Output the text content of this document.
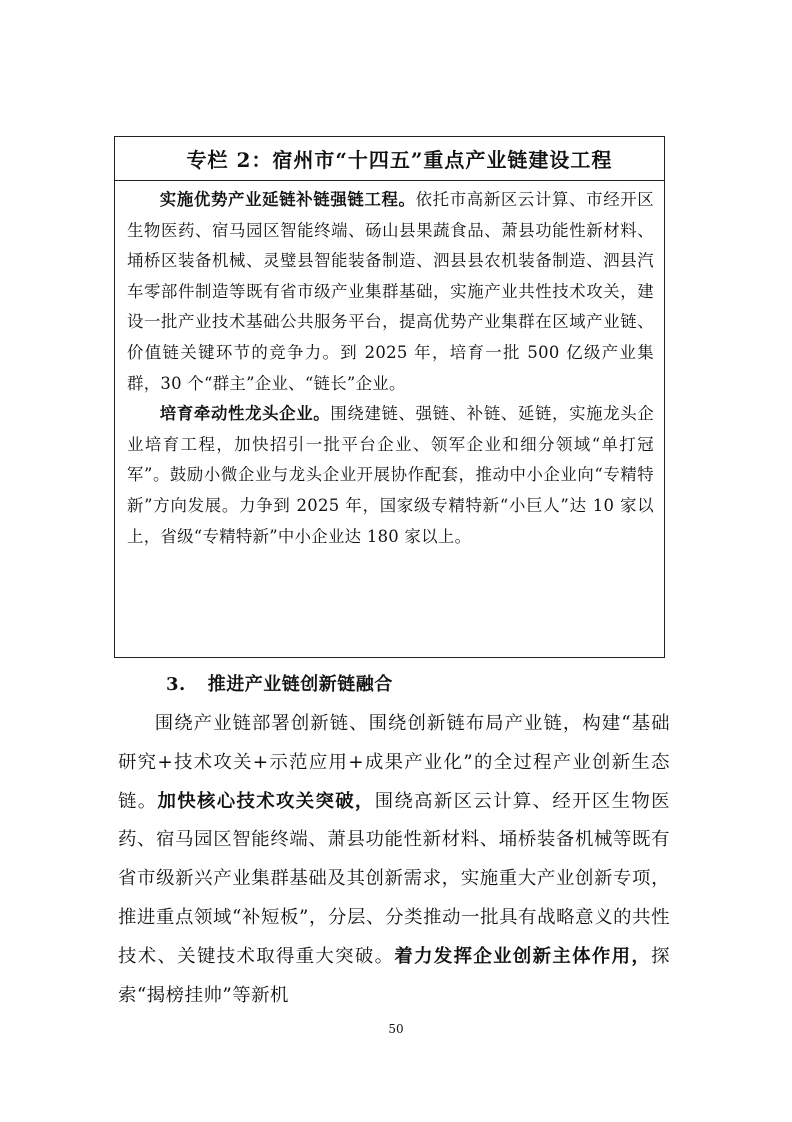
专栏 2：宿州市“十四五”重点产业链建设工程

实施优势产业延链补链强链工程。依托市高新区云计算、市经开区生物医药、宿马园区智能终端、砀山县果蔬食品、萧县功能性新材料、埇桥区装备机械、灵璧县智能装备制造、泗县县农机装备制造、泗县汽车零部件制造等既有省市级产业集群基础，实施产业共性技术攻关，建设一批产业技术基础公共服务平台，提高优势产业集群在区域产业链、价值链关键环节的竞争力。到 2025 年，培育一批 500 亿级产业集群，30 个“群主”企业、“链长”企业。

培育牵动性龙头企业。围绕建链、强链、补链、延链，实施龙头企业培育工程，加快招引一批平台企业、领军企业和细分领域“单打冠军”。鼓励小微企业与龙头企业开展协作配套，推动中小企业向“专精特新”方向发展。力争到 2025 年，国家级专精特新“小巨人”达 10 家以上，省级“专精特新”中小企业达 180 家以上。

3. 推进产业链创新链融合

围绕产业链部署创新链、围绕创新链布局产业链，构建“基础研究+技术攻关+示范应用+成果产业化”的全过程产业创新生态链。加快核心技术攻关突破，围绕高新区云计算、经开区生物医药、宿马园区智能终端、萧县功能性新材料、埇桥装备机械等既有省市级新兴产业集群基础及其创新需求，实施重大产业创新专项，推进重点领域“补短板”，分层、分类推动一批具有战略意义的共性技术、关键技术取得重大突破。着力发挥企业创新主体作用，探索“揭榜挂帅”等新机

50
